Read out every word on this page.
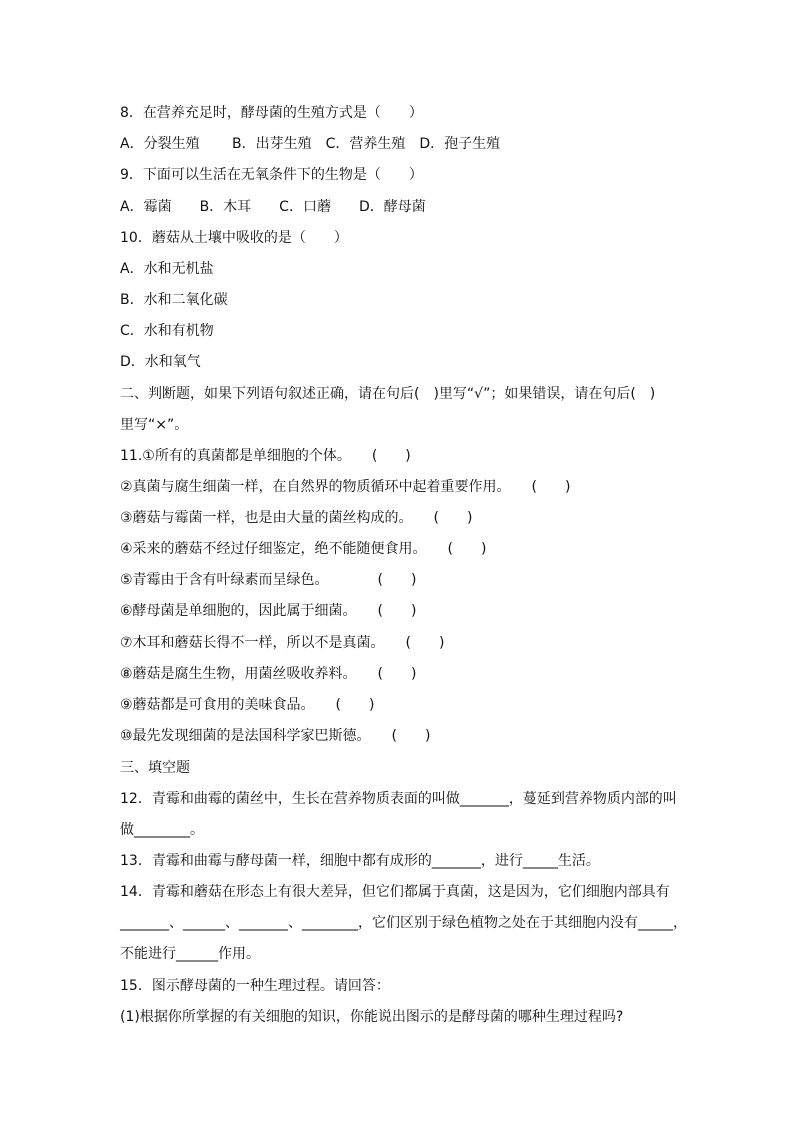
8．在营养充足时，酵母菌的生殖方式是（　　）
A．分裂生殖　　 B．出芽生殖　C．营养生殖　D．孢子生殖
9．下面可以生活在无氧条件下的生物是（　　）
A．霉菌　　B．木耳　　C．口蘑　　D．酵母菌
10．蘑菇从土壤中吸收的是（　　）
A．水和无机盐
B．水和二氧化碳
C．水和有机物
D．水和氧气
二、判断题，如果下列语句叙述正确，请在句后(　)里写“√”；如果错误，请在句后(　)
里写“×”。
11.①所有的真菌都是单细胞的个体。　　(　　)
②真菌与腐生细菌一样，在自然界的物质循环中起着重要作用。　　(　　)
③蘑菇与霉菌一样，也是由大量的菌丝构成的。　　(　　)
④采来的蘑菇不经过仔细鉴定，绝不能随便食用。　　(　　)
⑤青霉由于含有叶绿素而呈绿色。　　　　(　　)
⑥酵母菌是单细胞的，因此属于细菌。　　(　　)
⑦木耳和蘑菇长得不一样，所以不是真菌。　　(　　)
⑧蘑菇是腐生生物，用菌丝吸收养料。　　(　　)
⑨蘑菇都是可食用的美味食品。　　(　　)
⑩最先发现细菌的是法国科学家巴斯德。　　(　　)
三、填空题
12．青霉和曲霉的菌丝中，生长在营养物质表面的叫做_______，蔓延到营养物质内部的叫
做________。
13．青霉和曲霉与酵母菌一样，细胞中都有成形的_______，进行_____生活。
14．青霉和蘑菇在形态上有很大差异，但它们都属于真菌，这是因为，它们细胞内部具有
_______、______、_______、________，它们区别于绿色植物之处在于其细胞内没有_____，
不能进行______作用。
15．图示酵母菌的一种生理过程。请回答：
(1)根据你所掌握的有关细胞的知识，你能说出图示的是酵母菌的哪种生理过程吗?
